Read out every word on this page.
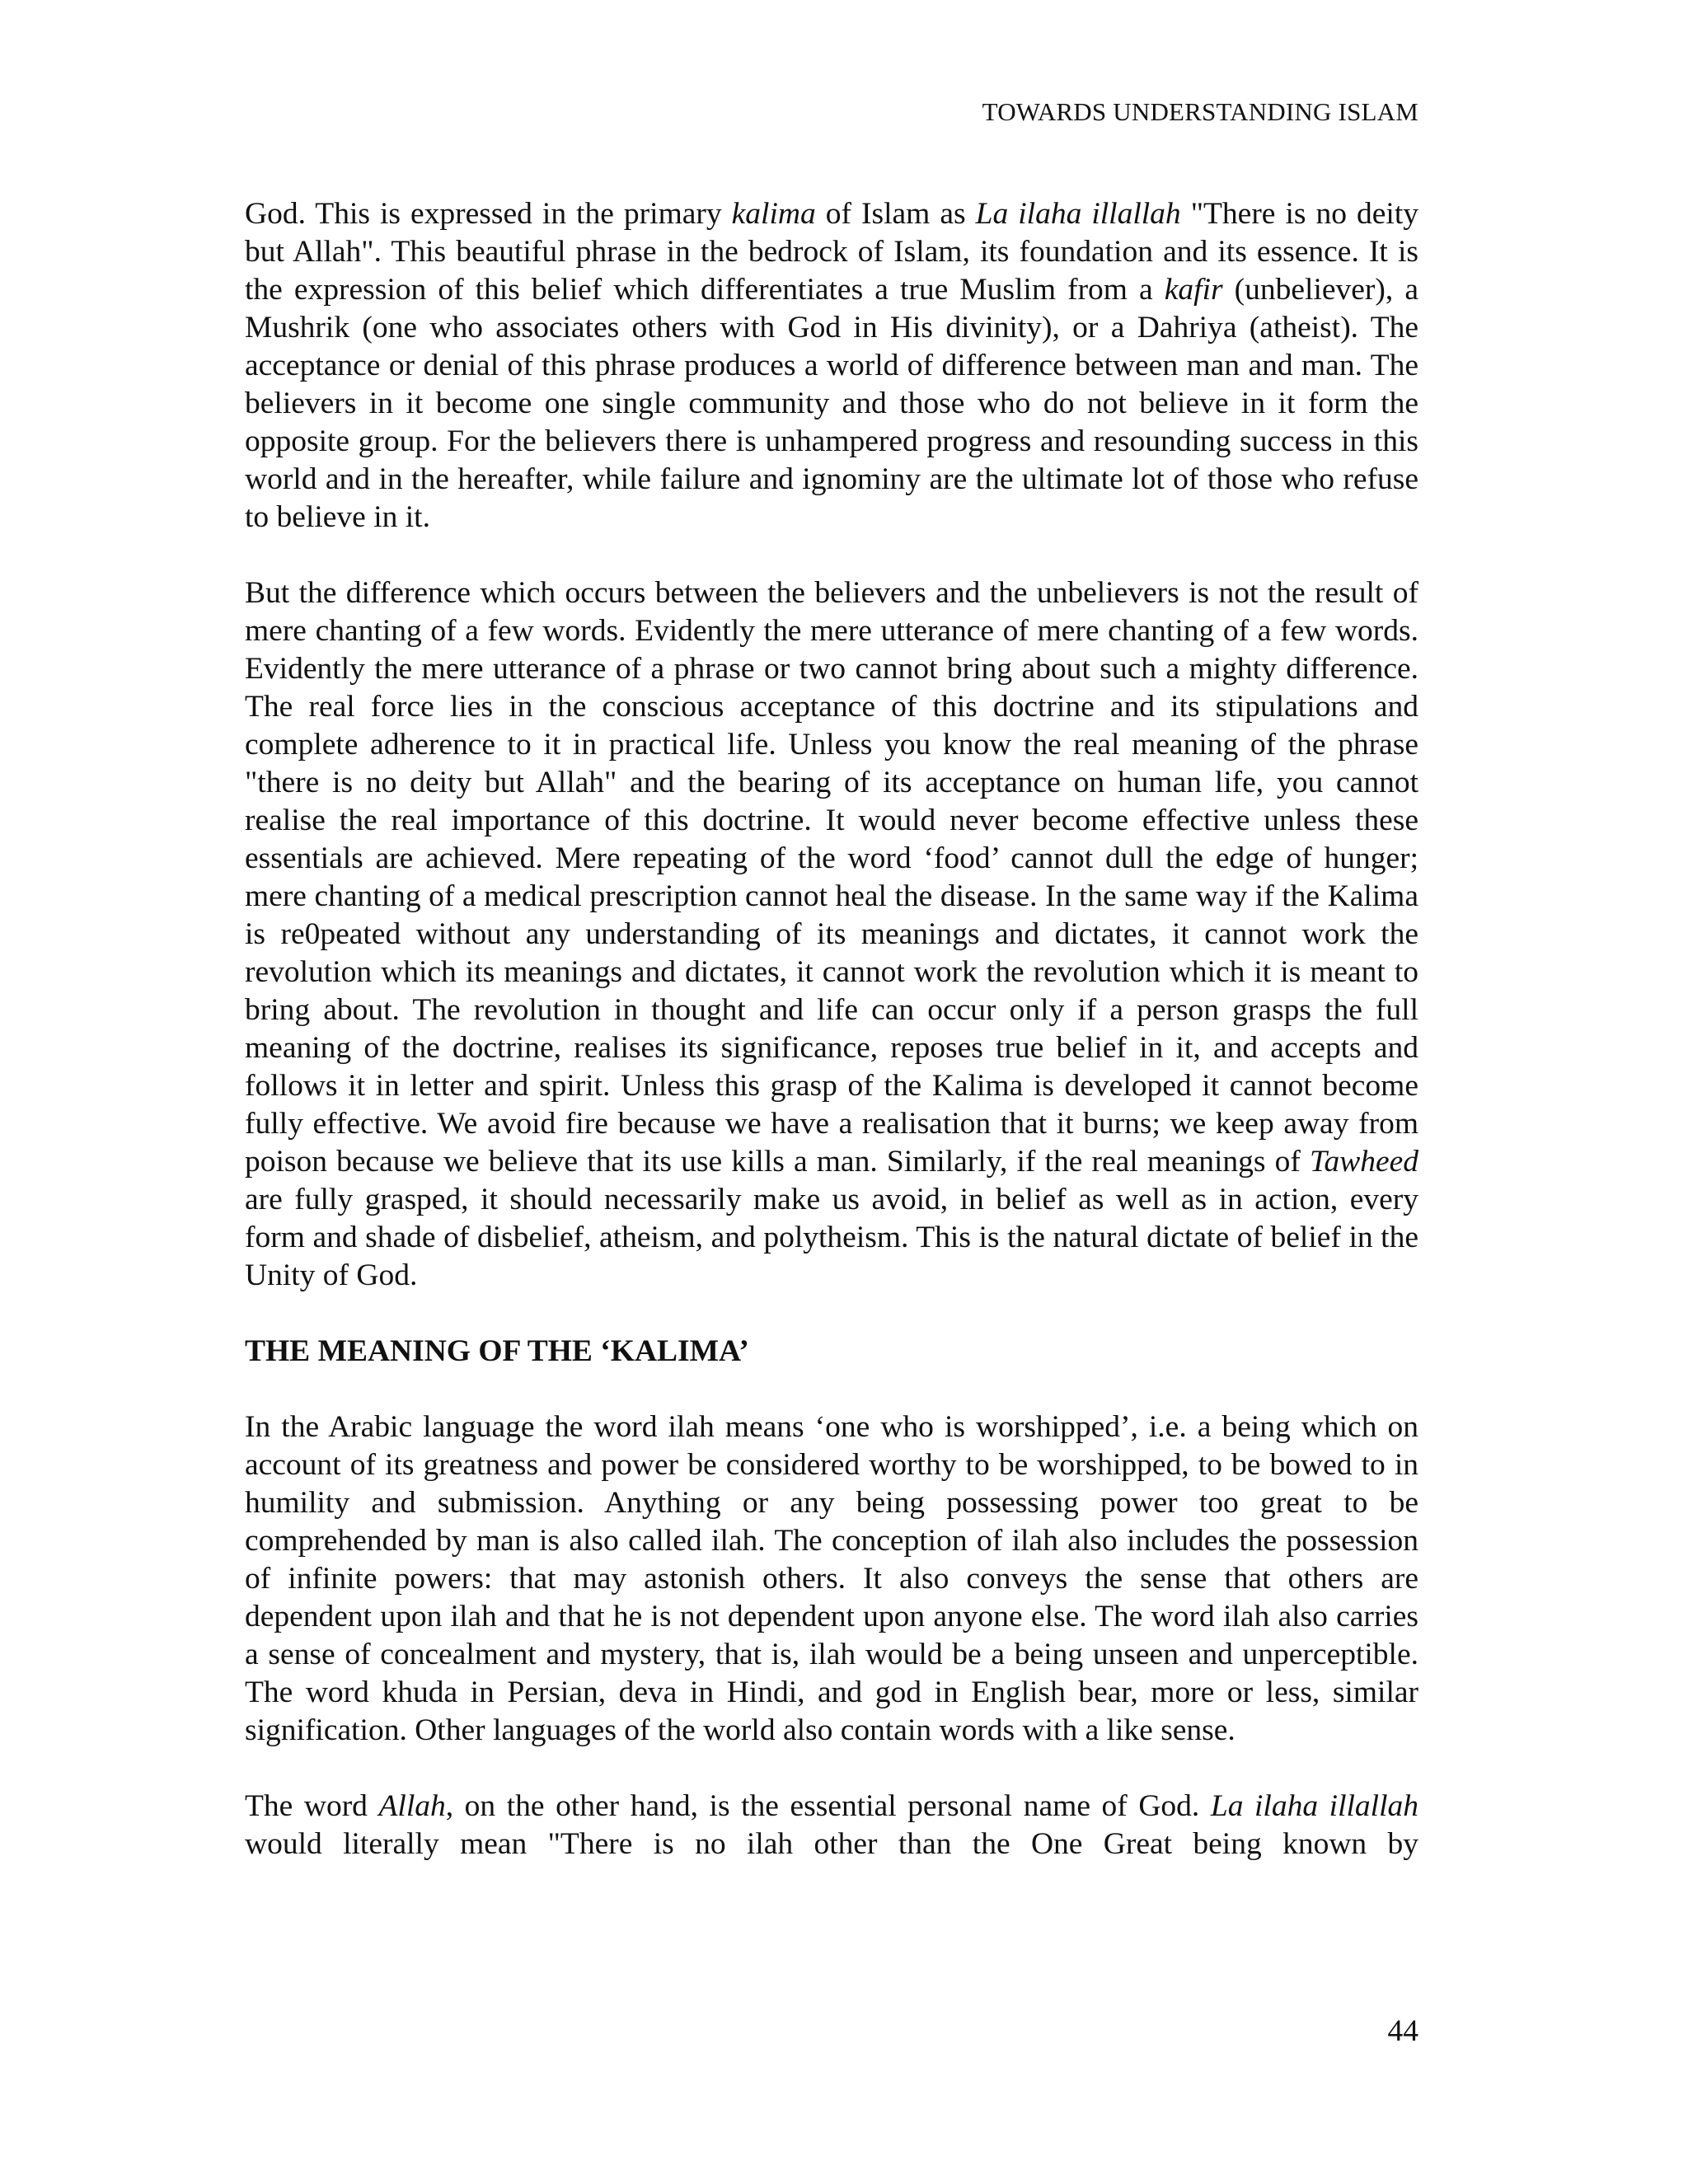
TOWARDS UNDERSTANDING ISLAM

God. This is expressed in the primary kalima of Islam as La ilaha illallah "There is no deity but Allah". This beautiful phrase in the bedrock of Islam, its foundation and its essence. It is the expression of this belief which differentiates a true Muslim from a kafir (unbeliever), a Mushrik (one who associates others with God in His divinity), or a Dahriya (atheist). The acceptance or denial of this phrase produces a world of difference between man and man. The believers in it become one single community and those who do not believe in it form the opposite group. For the believers there is unhampered progress and resounding success in this world and in the hereafter, while failure and ignominy are the ultimate lot of those who refuse to believe in it.

But the difference which occurs between the believers and the unbelievers is not the result of mere chanting of a few words. Evidently the mere utterance of mere chanting of a few words. Evidently the mere utterance of a phrase or two cannot bring about such a mighty difference. The real force lies in the conscious acceptance of this doctrine and its stipulations and complete adherence to it in practical life. Unless you know the real meaning of the phrase "there is no deity but Allah" and the bearing of its acceptance on human life, you cannot realise the real importance of this doctrine. It would never become effective unless these essentials are achieved. Mere repeating of the word ‘food’ cannot dull the edge of hunger; mere chanting of a medical prescription cannot heal the disease. In the same way if the Kalima is re0peated without any understanding of its meanings and dictates, it cannot work the revolution which its meanings and dictates, it cannot work the revolution which it is meant to bring about. The revolution in thought and life can occur only if a person grasps the full meaning of the doctrine, realises its significance, reposes true belief in it, and accepts and follows it in letter and spirit. Unless this grasp of the Kalima is developed it cannot become fully effective. We avoid fire because we have a realisation that it burns; we keep away from poison because we believe that its use kills a man. Similarly, if the real meanings of Tawheed are fully grasped, it should necessarily make us avoid, in belief as well as in action, every form and shade of disbelief, atheism, and polytheism. This is the natural dictate of belief in the Unity of God.

THE MEANING OF THE ‘KALIMA’

In the Arabic language the word ilah means ‘one who is worshipped’, i.e. a being which on account of its greatness and power be considered worthy to be worshipped, to be bowed to in humility and submission. Anything or any being possessing power too great to be comprehended by man is also called ilah. The conception of ilah also includes the possession of infinite powers: that may astonish others. It also conveys the sense that others are dependent upon ilah and that he is not dependent upon anyone else. The word ilah also carries a sense of concealment and mystery, that is, ilah would be a being unseen and unperceptible. The word khuda in Persian, deva in Hindi, and god in English bear, more or less, similar signification. Other languages of the world also contain words with a like sense.

The word Allah, on the other hand, is the essential personal name of God. La ilaha illallah would literally mean "There is no ilah other than the One Great being known by

44
